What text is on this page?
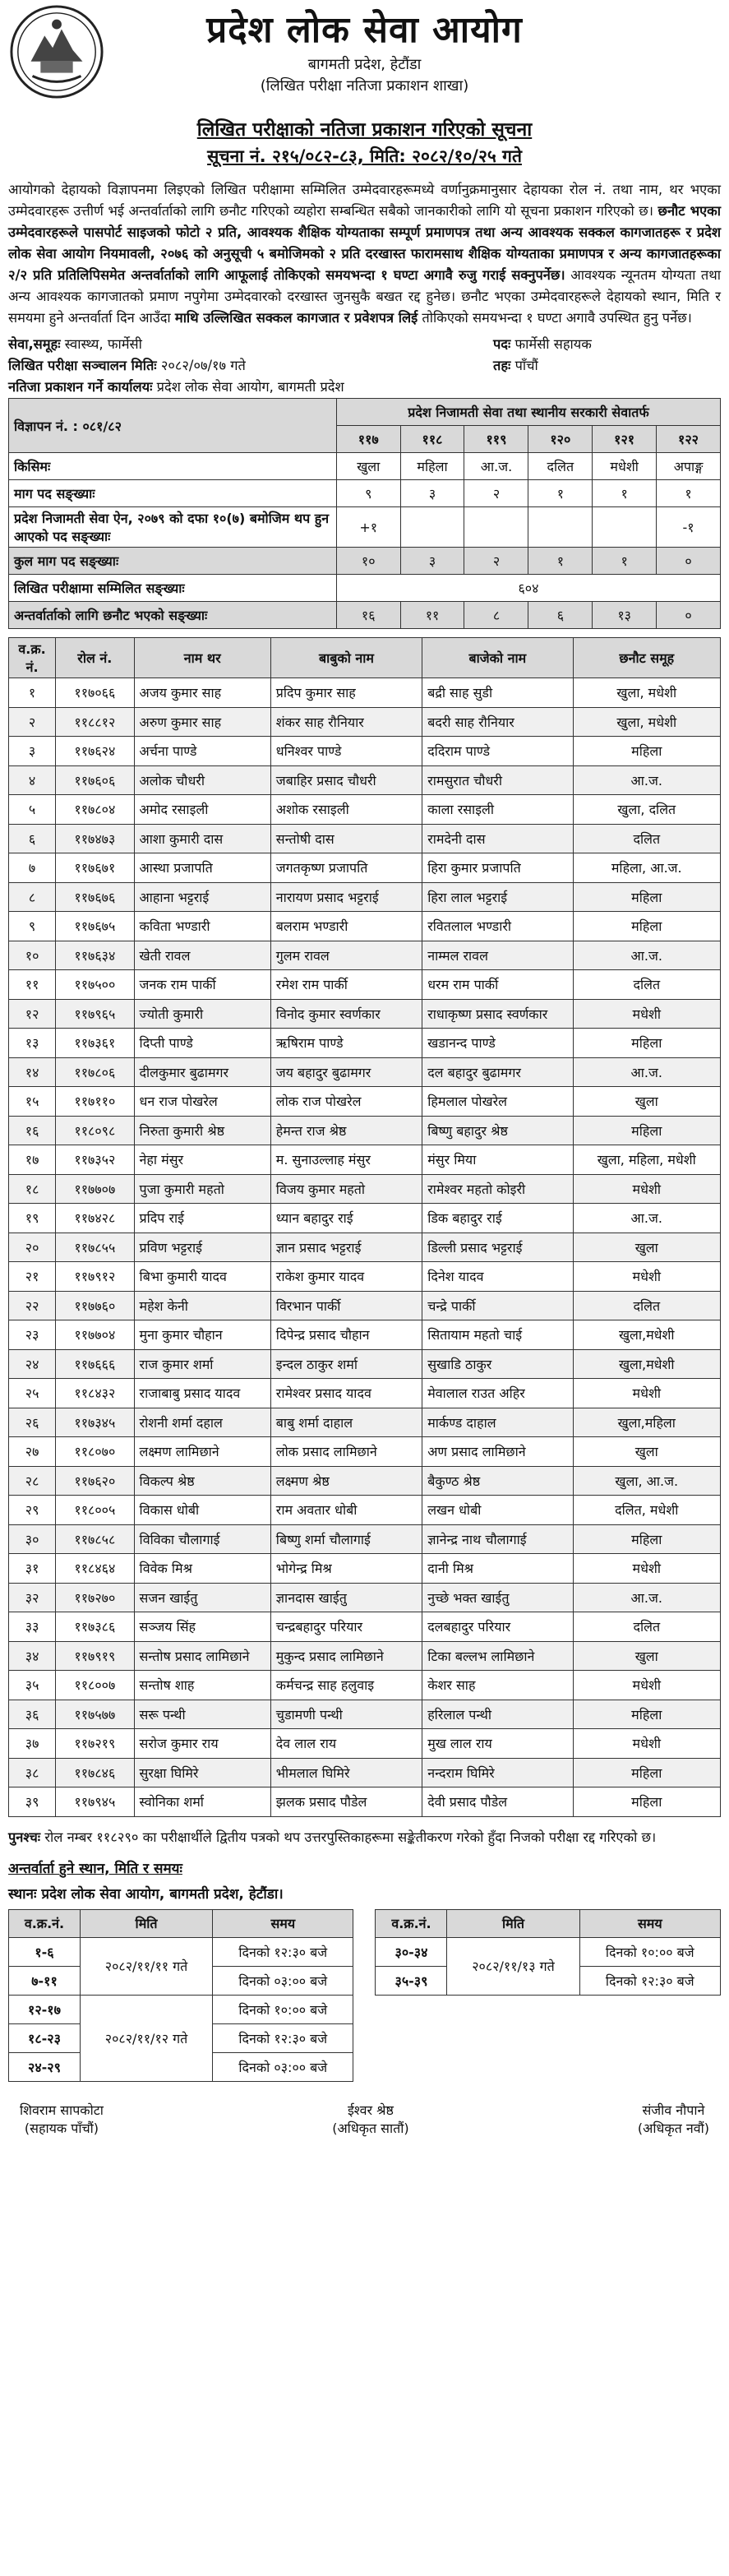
प्रदेश लोक सेवा आयोग
बागमती प्रदेश, हेटौंडा
(लिखित परीक्षा नतिजा प्रकाशन शाखा)
लिखित परीक्षाको नतिजा प्रकाशन गरिएको सूचना
सूचना नं. २१५/०८२-८३, मिति: २०८२/१०/२५ गते

आयोगको देहायको विज्ञापनमा लिइएको लिखित परीक्षामा सम्मिलित उम्मेदवारहरूमध्ये वर्णानुक्रमानुसार देहायका रोल नं. तथा नाम, थर भएका उम्मेदवारहरू उत्तीर्ण भई अन्तर्वार्ताको लागि छनौट गरिएको व्यहोरा सम्बन्धित सबैको जानकारीको लागि यो सूचना प्रकाशन गरिएको छ। छनौट भएका उम्मेदवारहरूले पासपोर्ट साइजको फोटो २ प्रति, आवश्यक शैक्षिक योग्यताका सम्पूर्ण प्रमाणपत्र तथा अन्य आवश्यक सक्कल कागजातहरू र प्रदेश लोक सेवा आयोग नियमावली, २०७६ को अनुसूची ५ बमोजिमको २ प्रति दरखास्त फारामसाथ शैक्षिक योग्यताका प्रमाणपत्र र अन्य कागजातहरूका २/२ प्रति प्रतिलिपिसमेत अन्तर्वार्ताको लागि आफूलाई तोकिएको समयभन्दा १ घण्टा अगावै रुजु गराई सक्नुपर्नेछ। आवश्यक न्यूनतम योग्यता तथा अन्य आवश्यक कागजातको प्रमाण नपुगेमा उम्मेदवारको दरखास्त जुनसुकै बखत रद्द हुनेछ। छनौट भएका उम्मेदवारहरूले देहायको स्थान, मिति र समयमा हुने अन्तर्वार्ता दिन आउँदा माथि उल्लिखित सक्कल कागजात र प्रवेशपत्र लिई तोकिएको समयभन्दा १ घण्टा अगावै उपस्थित हुनु पर्नेछ।

सेवा,समूहः स्वास्थ्य, फार्मेसी	पदः फार्मेसी सहायक
लिखित परीक्षा सञ्चालन मितिः २०८२/०७/१७ गते	तहः पाँचौं
नतिजा प्रकाशन गर्ने कार्यालयः प्रदेश लोक सेवा आयोग, बागमती प्रदेश
विज्ञापन नं. : ०८१/८२	प्रदेश निजामती सेवा तथा स्थानीय सरकारी सेवातर्फ					
	११७	११८	११९	१२०	१२१	१२२
किसिमः	खुला	महिला	आ.ज.	दलित	मधेशी	अपाङ्ग
माग पद सङ्ख्याः	९	३	२	१	१	१
प्रदेश निजामती सेवा ऐन, २०७९ को दफा १०(७) बमोजिम थप हुन आएको पद सङ्ख्याः	+१					-१
कुल माग पद सङ्ख्याः	१०	३	२	१	१	०
लिखित परीक्षामा सम्मिलित सङ्ख्याः	६०४					
अन्तर्वार्ताको लागि छनौट भएको सङ्ख्याः	१६	११	८	६	१३	०
व.क्र. नं.	रोल नं.	नाम थर	बाबुको नाम	बाजेको नाम	छनौट समूह
१	११७०६६	अजय कुमार साह	प्रदिप कुमार साह	बद्री साह सुडी	खुला, मधेशी
२	११८८१२	अरुण कुमार साह	शंकर साह रौनियार	बदरी साह रौनियार	खुला, मधेशी
३	११७६२४	अर्चना पाण्डे	धनिश्वर पाण्डे	ददिराम पाण्डे	महिला
४	११७६०६	अलोक चौधरी	जबाहिर प्रसाद चौधरी	रामसुरात चौधरी	आ.ज.
५	११७८०४	अमोद रसाइली	अशोक रसाइली	काला रसाइली	खुला, दलित
६	११७४७३	आशा कुमारी दास	सन्तोषी दास	रामदेनी दास	दलित
७	११७६७१	आस्था प्रजापति	जगतकृष्ण प्रजापति	हिरा कुमार प्रजापति	महिला, आ.ज.
८	११७६७६	आहाना भट्टराई	नारायण प्रसाद भट्टराई	हिरा लाल भट्टराई	महिला
९	११७६७५	कविता भण्डारी	बलराम भण्डारी	रवितलाल भण्डारी	महिला
१०	११७६३४	खेती रावल	गुलम रावल	नाम्मल रावल	आ.ज.
११	११७५००	जनक राम पार्की	रमेश राम पार्की	धरम राम पार्की	दलित
१२	११७९६५	ज्योती कुमारी	विनोद कुमार स्वर्णकार	राधाकृष्ण प्रसाद स्वर्णकार	मधेशी
१३	११७३६१	दिप्ती पाण्डे	ऋषिराम पाण्डे	खडानन्द पाण्डे	महिला
१४	११७८०६	दीलकुमार बुढामगर	जय बहादुर बुढामगर	दल बहादुर बुढामगर	आ.ज.
१५	११७११०	धन राज पोखरेल	लोक राज पोखरेल	हिमलाल पोखरेल	खुला
१६	११८०९८	निरुता कुमारी श्रेष्ठ	हेमन्त राज श्रेष्ठ	बिष्णु बहादुर श्रेष्ठ	महिला
१७	११७३५२	नेहा मंसुर	म. सुनाउल्लाह मंसुर	मंसुर मिया	खुला, महिला, मधेशी
१८	११७७०७	पुजा कुमारी महतो	विजय कुमार महतो	रामेश्वर महतो कोइरी	मधेशी
१९	११७४२८	प्रदिप राई	ध्यान बहादुर राई	डिक बहादुर राई	आ.ज.
२०	११७८५५	प्रविण भट्टराई	ज्ञान प्रसाद भट्टराई	डिल्ली प्रसाद भट्टराई	खुला
२१	११७९१२	बिभा कुमारी यादव	राकेश कुमार यादव	दिनेश यादव	मधेशी
२२	११७७६०	महेश केनी	विरभान पार्की	चन्द्रे पार्की	दलित
२३	११७७०४	मुना कुमार चौहान	दिपेन्द्र प्रसाद चौहान	सितायाम महतो चाई	खुला,मधेशी
२४	११७६६६	राज कुमार शर्मा	इन्दल ठाकुर शर्मा	सुखाडि ठाकुर	खुला,मधेशी
२५	११८४३२	राजाबाबु प्रसाद यादव	रामेश्वर प्रसाद यादव	मेवालाल राउत अहिर	मधेशी
२६	११७३४५	रोशनी शर्मा दहाल	बाबु शर्मा दाहाल	मार्कण्ड दाहाल	खुला,महिला
२७	११८०७०	लक्ष्मण लामिछाने	लोक प्रसाद लामिछाने	अण प्रसाद लामिछाने	खुला
२८	११७६२०	विकल्प श्रेष्ठ	लक्ष्मण श्रेष्ठ	बैकुण्ठ श्रेष्ठ	खुला, आ.ज.
२९	११८००५	विकास धोबी	राम अवतार धोबी	लखन धोबी	दलित, मधेशी
३०	११७८५८	विविका चौलागाई	बिष्णु शर्मा चौलागाई	ज्ञानेन्द्र नाथ चौलागाई	महिला
३१	११८४६४	विवेक मिश्र	भोगेन्द्र मिश्र	दानी मिश्र	मधेशी
३२	११७२७०	सजन खाईतु	ज्ञानदास खाईतु	नुच्छे भक्त खाईतु	आ.ज.
३३	११७३८६	सञ्जय सिंह	चन्द्रबहादुर परियार	दलबहादुर परियार	दलित
३४	११७९१९	सन्तोष प्रसाद लामिछाने	मुकुन्द प्रसाद लामिछाने	टिका बल्लभ लामिछाने	खुला
३५	११८००७	सन्तोष शाह	कर्मचन्द्र साह हलुवाइ	केशर साह	मधेशी
३६	११७५७७	सरू पन्थी	चुडामणी पन्थी	हरिलाल पन्थी	महिला
३७	११७२१९	सरोज कुमार राय	देव लाल राय	मुख लाल राय	मधेशी
३८	११७८४६	सुरक्षा घिमिरे	भीमलाल घिमिरे	नन्दराम घिमिरे	महिला
३९	११७९४५	स्वोनिका शर्मा	झलक प्रसाद पौडेल	देवी प्रसाद पौडेल	महिला
पुनश्चः रोल नम्बर ११८२९० का परीक्षार्थीले द्वितीय पत्रको थप उत्तरपुस्तिकाहरूमा सङ्केतीकरण गरेको हुँदा निजको परीक्षा रद्द गरिएको छ।
अन्तर्वार्ता हुने स्थान, मिति र समयः
स्थानः प्रदेश लोक सेवा आयोग, बागमती प्रदेश, हेटौंडा।
व.क्र.नं.	मिति	समय		व.क्र.नं.	मिति	समय
१-६	२०८२/११/११ गते	दिनको १२:३० बजे		३०-३४	२०८२/११/१३ गते	दिनको १०:०० बजे
७-११		दिनको ०३:०० बजे		३५-३९		दिनको १२:३० बजे
१२-१७	२०८२/११/१२ गते	दिनको १०:०० बजे				
१८-२३		दिनको १२:३० बजे				
२४-२९		दिनको ०३:०० बजे				
शिवराम सापकोटा
(सहायक पाँचौं)
ईश्वर श्रेष्ठ
(अधिकृत सातौं)
संजीव नौपाने
(अधिकृत नवौं)
